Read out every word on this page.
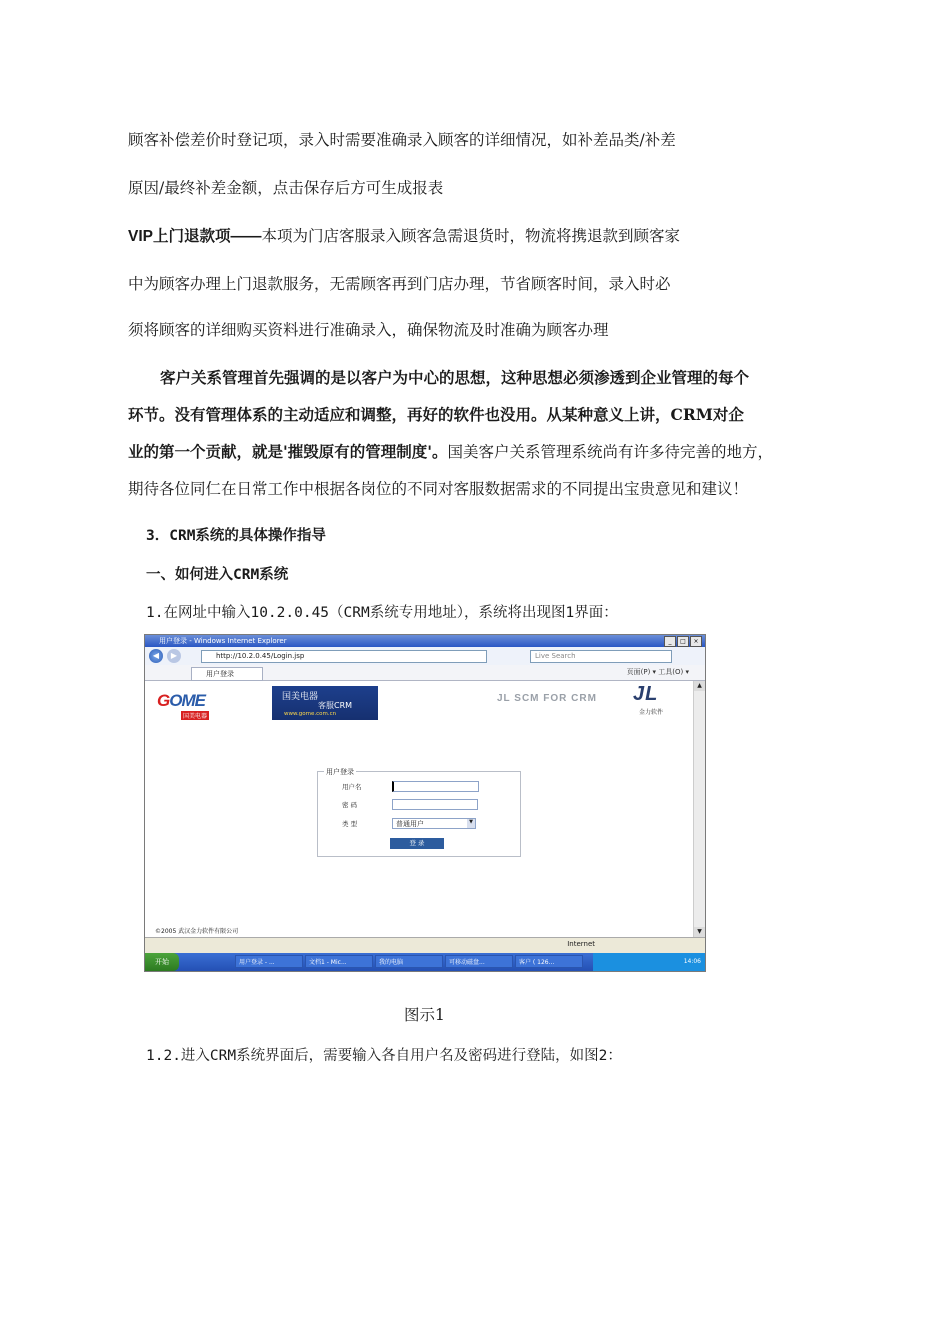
顾客补偿差价时登记项，录入时需要准确录入顾客的详细情况，如补差品类/补差
原因/最终补差金额，点击保存后方可生成报表
VIP上门退款项——本项为门店客服录入顾客急需退货时，物流将携退款到顾客家
中为顾客办理上门退款服务，无需顾客再到门店办理，节省顾客时间，录入时必
须将顾客的详细购买资料进行准确录入，确保物流及时准确为顾客办理
客户关系管理首先强调的是以客户为中心的思想，这种思想必须渗透到企业管理的每个
环节。没有管理体系的主动适应和调整，再好的软件也没用。从某种意义上讲，CRM对企
业的第一个贡献，就是'摧毁原有的管理制度'。国美客户关系管理系统尚有许多待完善的地方，
期待各位同仁在日常工作中根据各岗位的不同对客服数据需求的不同提出宝贵意见和建议！
3．CRM系统的具体操作指导
一、如何进入CRM系统
1.在网址中输入10.2.0.45（CRM系统专用地址），系统将出现图1界面：
用户登录 - Windows Internet Explorer	_	□	×
◀	▶	http://10.2.0.45/Login.jsp	Live Search
用户登录	页面(P) ▾ 工具(O) ▾
GOME
国美电器
国美电器
客服CRM
www.gome.com.cn
JL SCM FOR CRM JL
金力软件
用户登录
用户名
密 码
类 型	普通用户	▼
登 录
©2005 武汉金力软件有限公司
▲
▼
Internet
开始	用户登录 - ...	文档1 - Mic...	我的电脑	可移动磁盘...	客户 ( 126...	14:06
图示1
1.2.进入CRM系统界面后，需要输入各自用户名及密码进行登陆，如图2：
